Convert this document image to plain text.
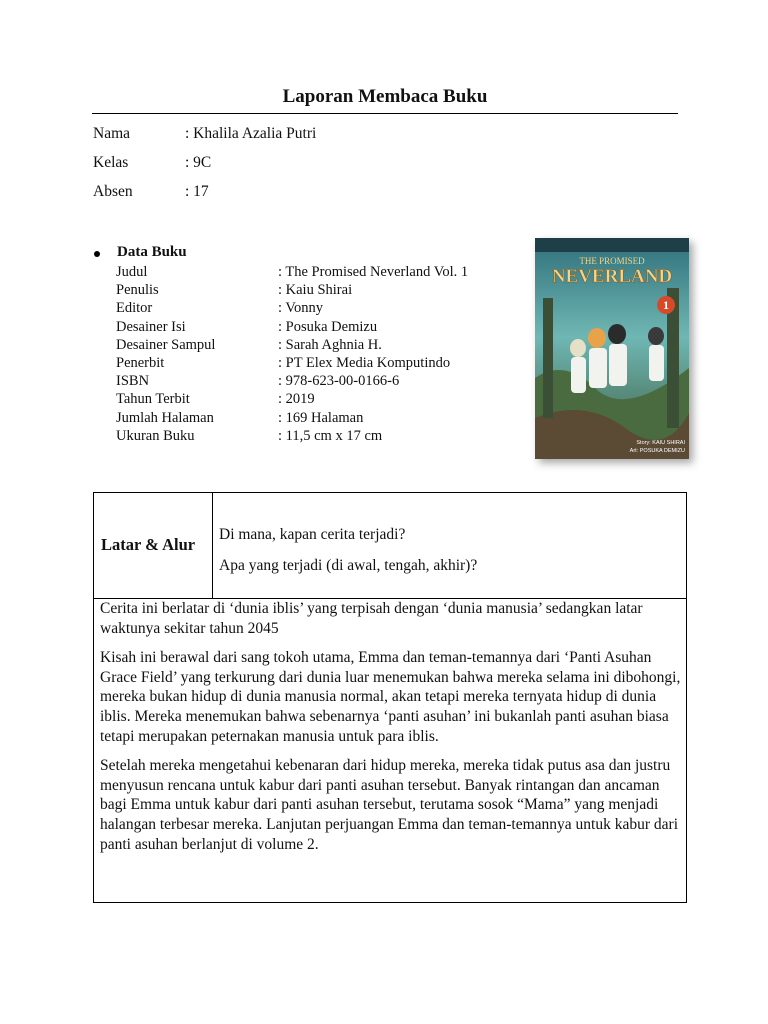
Laporan Membaca Buku
Nama	: Khalila Azalia Putri
Kelas	: 9C
Absen	: 17
Data Buku
Judul	: The Promised Neverland Vol. 1
Penulis	: Kaiu Shirai
Editor	: Vonny
Desainer Isi	: Posuka Demizu
Desainer Sampul	: Sarah Aghnia H.
Penerbit	: PT Elex Media Komputindo
ISBN	: 978-623-00-0166-6
Tahun Terbit	: 2019
Jumlah Halaman	: 169 Halaman
Ukuran Buku	: 11,5 cm x 17 cm
1
THE PROMISED
NEVERLAND
Story: KAIU SHIRAI
Art: POSUKA DEMIZU
Latar & Alur
Di mana, kapan cerita terjadi?
Apa yang terjadi (di awal, tengah, akhir)?

Cerita ini berlatar di ‘dunia iblis’ yang terpisah dengan ‘dunia manusia’ sedangkan latar waktunya sekitar tahun 2045

Kisah ini berawal dari sang tokoh utama, Emma dan teman-temannya dari ‘Panti Asuhan Grace Field’ yang terkurung dari dunia luar menemukan bahwa mereka selama ini dibohongi, mereka bukan hidup di dunia manusia normal, akan tetapi mereka ternyata hidup di dunia iblis. Mereka menemukan bahwa sebenarnya ‘panti asuhan’ ini bukanlah panti asuhan biasa tetapi merupakan peternakan manusia untuk para iblis.

Setelah mereka mengetahui kebenaran dari hidup mereka, mereka tidak putus asa dan justru menyusun rencana untuk kabur dari panti asuhan tersebut. Banyak rintangan dan ancaman bagi Emma untuk kabur dari panti asuhan tersebut, terutama sosok “Mama” yang menjadi halangan terbesar mereka. Lanjutan perjuangan Emma dan teman-temannya untuk kabur dari panti asuhan berlanjut di volume 2.
